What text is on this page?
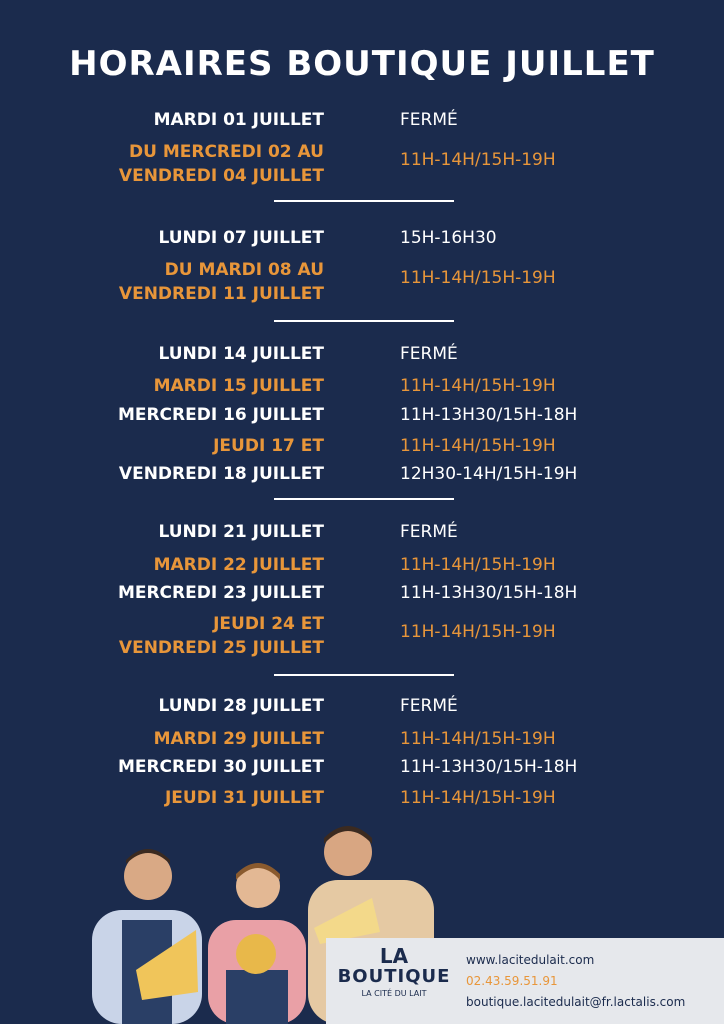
HORAIRES BOUTIQUE JUILLET
MARDI 01 JUILLET	FERMÉ
DU MERCREDI 02 AU
VENDREDI 04 JUILLET
11H-14H/15H-19H
LUNDI 07 JUILLET	15H-16H30
DU MARDI 08 AU
VENDREDI 11 JUILLET
11H-14H/15H-19H
LUNDI 14 JUILLET	FERMÉ
MARDI 15 JUILLET	11H-14H/15H-19H
MERCREDI 16 JUILLET	11H-13H30/15H-18H
JEUDI 17 ET	11H-14H/15H-19H
VENDREDI 18 JUILLET	12H30-14H/15H-19H
LUNDI 21 JUILLET	FERMÉ
MARDI 22 JUILLET	11H-14H/15H-19H
MERCREDI 23 JUILLET	11H-13H30/15H-18H
JEUDI 24 ET
VENDREDI 25 JUILLET
11H-14H/15H-19H
LUNDI 28 JUILLET	FERMÉ
MARDI 29 JUILLET	11H-14H/15H-19H
MERCREDI 30 JUILLET	11H-13H30/15H-18H
JEUDI 31 JUILLET	11H-14H/15H-19H
LA
BOUTIQUE
LA CITÉ DU LAIT
www.lacitedulait.com
02.43.59.51.91
boutique.lacitedulait@fr.lactalis.com
